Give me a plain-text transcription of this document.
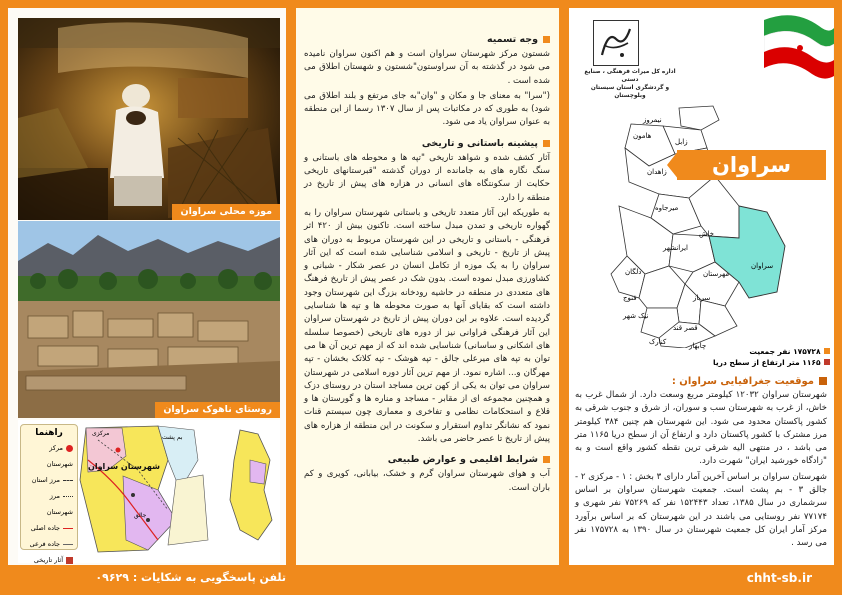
موزه محلی سراوان
روستای ناهوک سراوان
راهنما
مرکز شهرستان
مرز استان
مرز شهرستان
جاده اصلی
جاده فرعی
آثار تاریخی
شهرستان سراوان
مرکزی
جالق
بم پشت
وجه تسمیه
شستون مرکز شهرستان سراوان است و هم اکنون سراوان نامیده می شود در گذشته به آن سراوستون"شستون و شهستان اطلاق می شده است .
("سرا" به معنای جا و مکان و "وان"به جای مرتفع و بلند اطلاق می شود) به طوری که در مکاتبات پس از سال ۱۳۰۷ رسما از این منطقه به عنوان سراوان یاد می شود.
پیشینه باستانی و تاریخی
آثار کشف شده و شواهد تاریخی "تپه ها و محوطه های باستانی و سنگ نگاره های به جامانده از دوران گذشته "قبرستانهای تاریخی حکایت از سکونتگاه های انسانی در هزاره های پیش از تاریخ در منطقه را دارد.
به طوریکه این آثار متعدد تاریخی و باستانی شهرستان سراوان را به گهواره تاریخی و تمدن مبدل ساخته است. تاکنون بیش از ۴۲۰ اثر فرهنگی - باستانی و تاریخی در این شهرستان مربوط به دوران های پیش از تاریخ - تاریخی و اسلامی شناسایی شده است که این آثار سراوان را به یک موزه از تکامل انسان در عصر شکار - شبانی و کشاورزی مبدل نموده است. بدون شک در عصر پیش از تاریخ فرهنگ های متعددی در منطقه در حاشیه رودخانه بزرگ این شهرستان وجود داشته است که بقایای آنها به صورت محوطه ها و تپه ها شناسایی گردیده است. علاوه بر این دوران پیش از تاریخ در شهرستان سراوان این آثار فرهنگی فراوانی نیز از دوره های تاریخی (خصوصا سلسله های اشکانی و ساسانی) شناسایی شده اند که از مهم ترین آن ها می توان به تپه های میرعلی جالق - تپه هوشک - تپه کلاتک بخشان - تپه مهرگان و... اشاره نمود. از مهم ترین آثار دوره اسلامی در شهرستان سراوان می توان به یکی از کهن ترین مساجد استان در روستای دزک و همچنین مجموعه ای از مقابر - مساجد و مناره ها و گورستان ها و قلاع و استحکامات نظامی و تفاخری و معماری چون سیستم قنات نمود که نشانگر تداوم استقرار و سکونت در این منطقه از هزاره های پیش از تاریخ تا عصر حاضر می باشد.
شرایط اقلیمی و عوارض طبیعی
آب و هوای شهرستان سراوان گرم و خشک، بیابانی، کویری و کم باران است.
اداره کل میراث فرهنگی ، صنایع دستی
و گردشگری استان سیستان وبلوچستان
نیمروز
هامون
زابل
زاهدان
میرجاوه
خاش
ایرانشهر
دلگان
فنوج
نیک شهر
سرباز
قصر قند
کنارک	چابهار
سراوان
مهرستان
سراوان
۱۷۵۷۲۸ نفر جمعیت
۱۱۶۵ متر ارتفاع از سطح دریا
موقعیت جغرافیایی سراوان :
شهرستان سراوان ۱۲۰۳۲ کیلومتر مربع وسعت دارد. از شمال غرب به خاش، از غرب به شهرستان سب و سوران، از شرق و جنوب شرقی به کشور پاکستان محدود می شود. این شهرستان هم چنین ۳۸۴ کیلومتر مرز مشترک با کشور پاکستان دارد و ارتفاع آن از سطح دریا ۱۱۶۵ متر می باشد ، در منتهی الیه شرقی ترین نقطه کشور واقع است و به "زادگاه خورشید ایران" شهرت دارد.
شهرستان سراوان بر اساس آخرین آمار دارای ۳ بخش : ۱ - مرکزی ۲ - جالق ۳ - بم پشت است. جمعیت شهرستان سراوان بر اساس سرشماری در سال ۱۳۸۵، تعداد ۱۵۲۴۴۳ نفر که ۷۵۲۶۹ نفر شهری و ۷۷۱۷۴ نفر روستایی می باشند در این شهرستان که بر اساس برآورد مرکز آمار ایران کل جمعیت شهرستان در سال ۱۳۹۰ به ۱۷۵۷۲۸ نفر می رسد .
تلفن پاسخگویی به شکایات : ۰۹۶۲۹	chht-sb.ir
